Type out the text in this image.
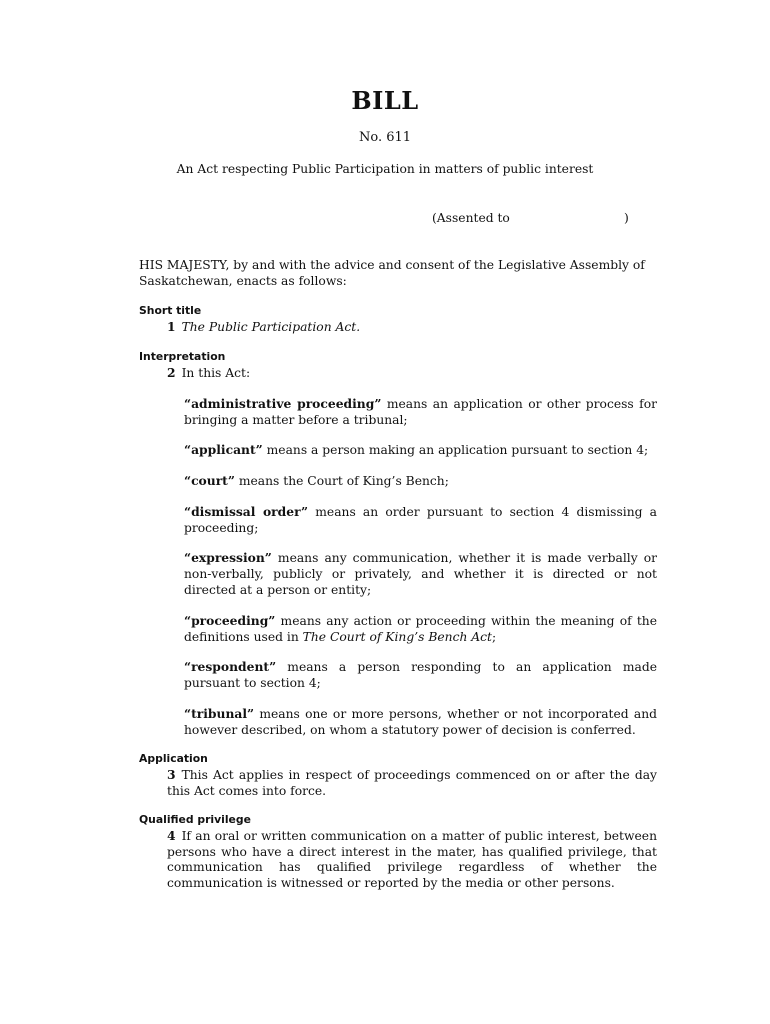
BILL
No. 611
An Act respecting Public Participation in matters of public interest
(Assented to	)
HIS MAJESTY, by and with the advice and consent of the Legislative Assembly of Saskatchewan, enacts as follows:
Short title
1 The Public Participation Act.
Interpretation
2 In this Act:
“administrative proceeding” means an application or other process for bringing a matter before a tribunal;
“applicant” means a person making an application pursuant to section 4;
“court” means the Court of King’s Bench;
“dismissal order” means an order pursuant to section 4 dismissing a proceeding;
“expression” means any communication, whether it is made verbally or non-verbally, publicly or privately, and whether it is directed or not directed at a person or entity;
“proceeding” means any action or proceeding within the meaning of the definitions used in The Court of King’s Bench Act;
“respondent” means a person responding to an application made pursuant to section 4;
“tribunal” means one or more persons, whether or not incorporated and however described, on whom a statutory power of decision is conferred.
Application
3 This Act applies in respect of proceedings commenced on or after the day this Act comes into force.
Qualified privilege
4 If an oral or written communication on a matter of public interest, between persons who have a direct interest in the mater, has qualified privilege, that communication has qualified privilege regardless of whether the communication is witnessed or reported by the media or other persons.
